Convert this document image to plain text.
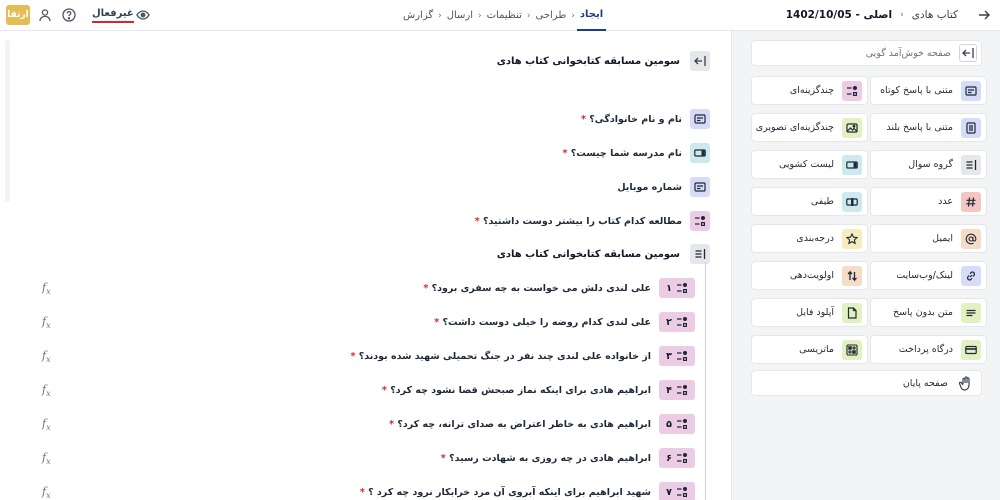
ارتقا	غیرفعال	ایجاد
›
طراحی
›
تنظیمات
›
ارسال
›
گزارش	کتاب هادی
›
1402/10/05 - اصلی
صفحه خوش‌آمد گویی
متنی با پاسخ کوتاه
چندگزینه‌ای
متنی با پاسخ بلند
چندگزینه‌ای تصویری
گروه سوال
لیست کشویی
عدد
طیفی
ایمیل
درجه‌بندی
لینک/وب‌سایت
اولویت‌دهی
متن بدون پاسخ
آپلود فایل
درگاه پرداخت
ماتریسی
صفحه پایان
سومین مسابقه کتابخوانی کتاب هادی
* نام و نام خانوادگی؟
* نام مدرسه شما چیست؟
شماره موبایل
* مطالعه کدام کتاب را بیشتر دوست داشتید؟
سومین مسابقه کتابخوانی کتاب هادی
۱
* علی لندی دلش می خواست به چه سفری برود؟
۲
* علی لندی کدام روضه را خیلی دوست داشت؟
۳
* از خانواده علی لندی چند نفر در جنگ تحمیلی شهید شده بودند؟
۴
* ابراهیم هادی برای اینکه نماز صبحش قضا نشود چه کرد؟
۵
* ابراهیم هادی به خاطر اعتراض به صدای ترانه، چه کرد؟
۶
* ابراهیم هادی در چه روزی به شهادت رسید؟
۷
* شهید ابراهیم برای اینکه آبروی آن مرد خرابکار نرود چه کرد ؟
$f_x$
$f_x$
$f_x$
$f_x$
$f_x$
$f_x$
$f_x$
